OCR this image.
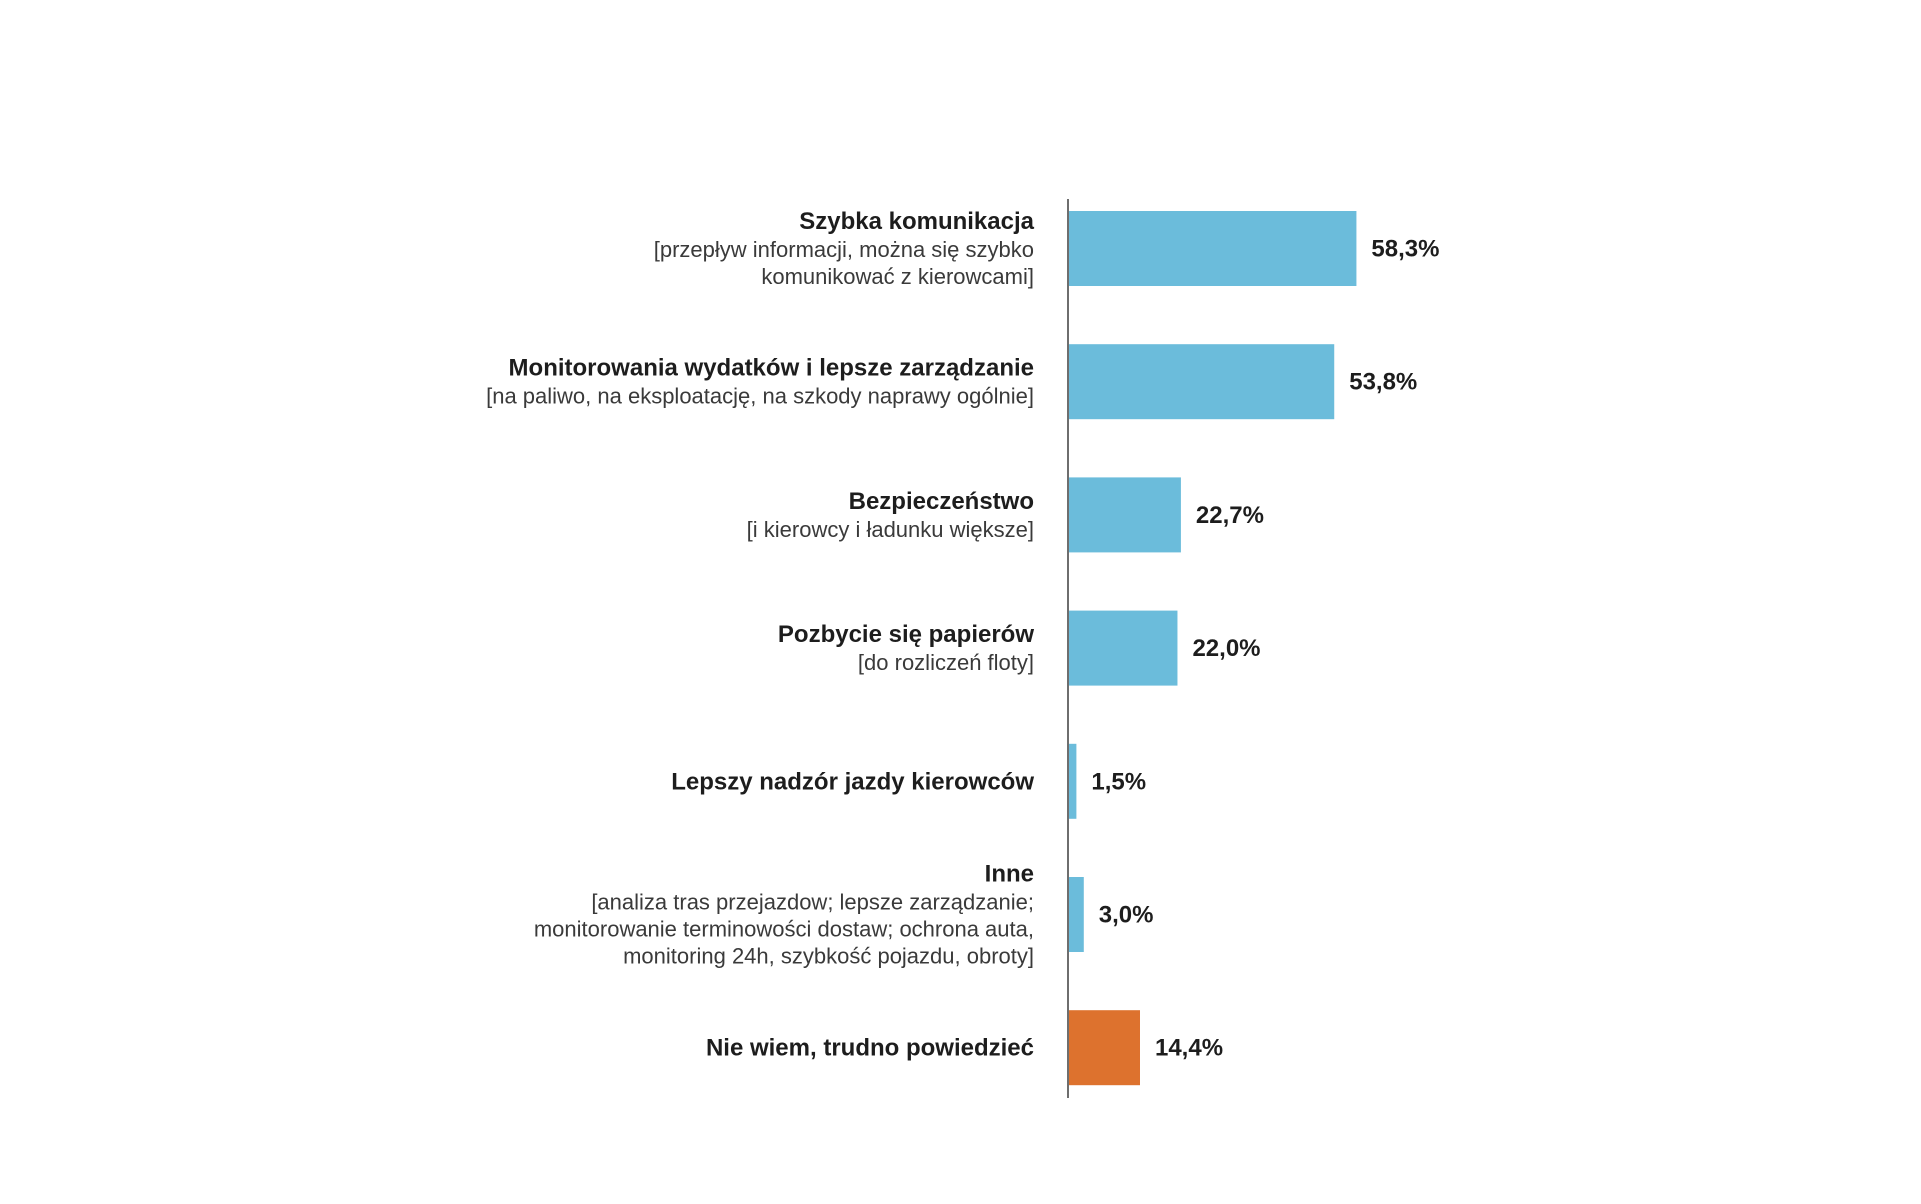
58,3%
Szybka komunikacja
[przepływ informacji, można się szybko
komunikować z kierowcami]
53,8%
Monitorowania wydatków i lepsze zarządzanie
[na paliwo, na eksploatację, na szkody naprawy ogólnie]
22,7%
Bezpieczeństwo
[i kierowcy i ładunku większe]
22,0%
Pozbycie się papierów
[do rozliczeń floty]
1,5%
Lepszy nadzór jazdy kierowców
3,0%
Inne
[analiza tras przejazdow; lepsze zarządzanie;
monitorowanie terminowości dostaw; ochrona auta,
monitoring 24h, szybkość pojazdu, obroty]
14,4%
Nie wiem, trudno powiedzieć
